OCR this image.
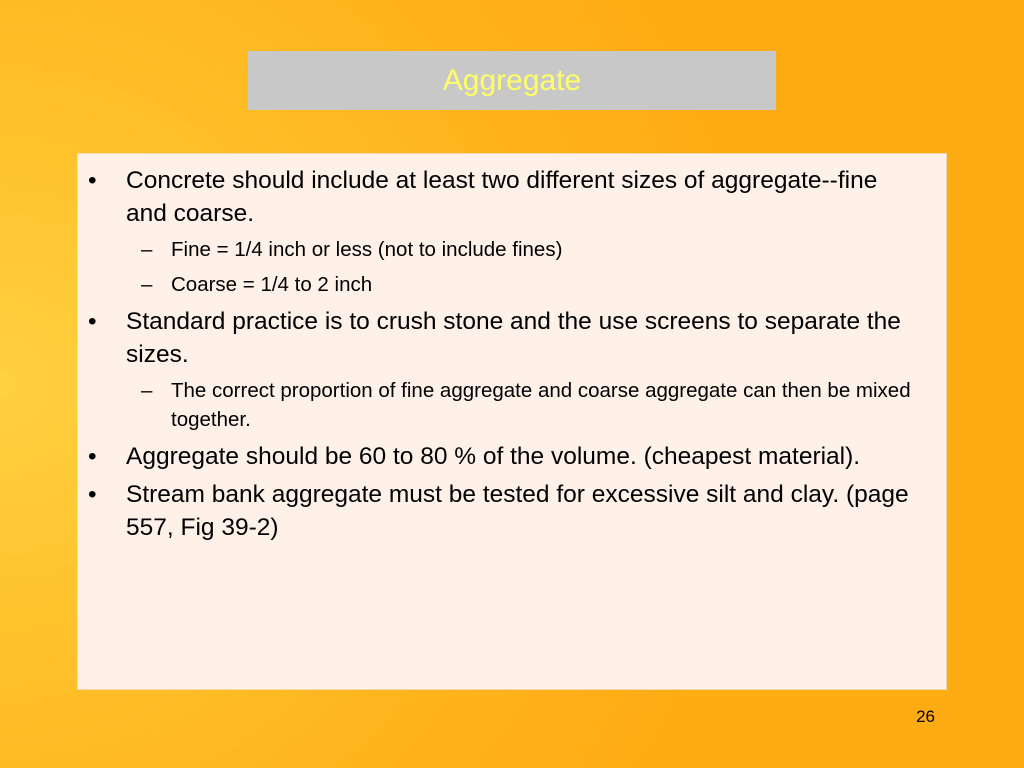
Aggregate
• Concrete should include at least two different sizes of aggregate--fine and coarse.
– Fine = 1/4 inch or less (not to include fines)
– Coarse = 1/4 to 2 inch
• Standard practice is to crush stone and the use screens to separate the sizes.
– The correct proportion of fine aggregate and coarse aggregate can then be mixed together.
• Aggregate should be 60 to 80 % of the volume. (cheapest material).
• Stream bank aggregate must be tested for excessive silt and clay. (page 557, Fig 39-2)
26
